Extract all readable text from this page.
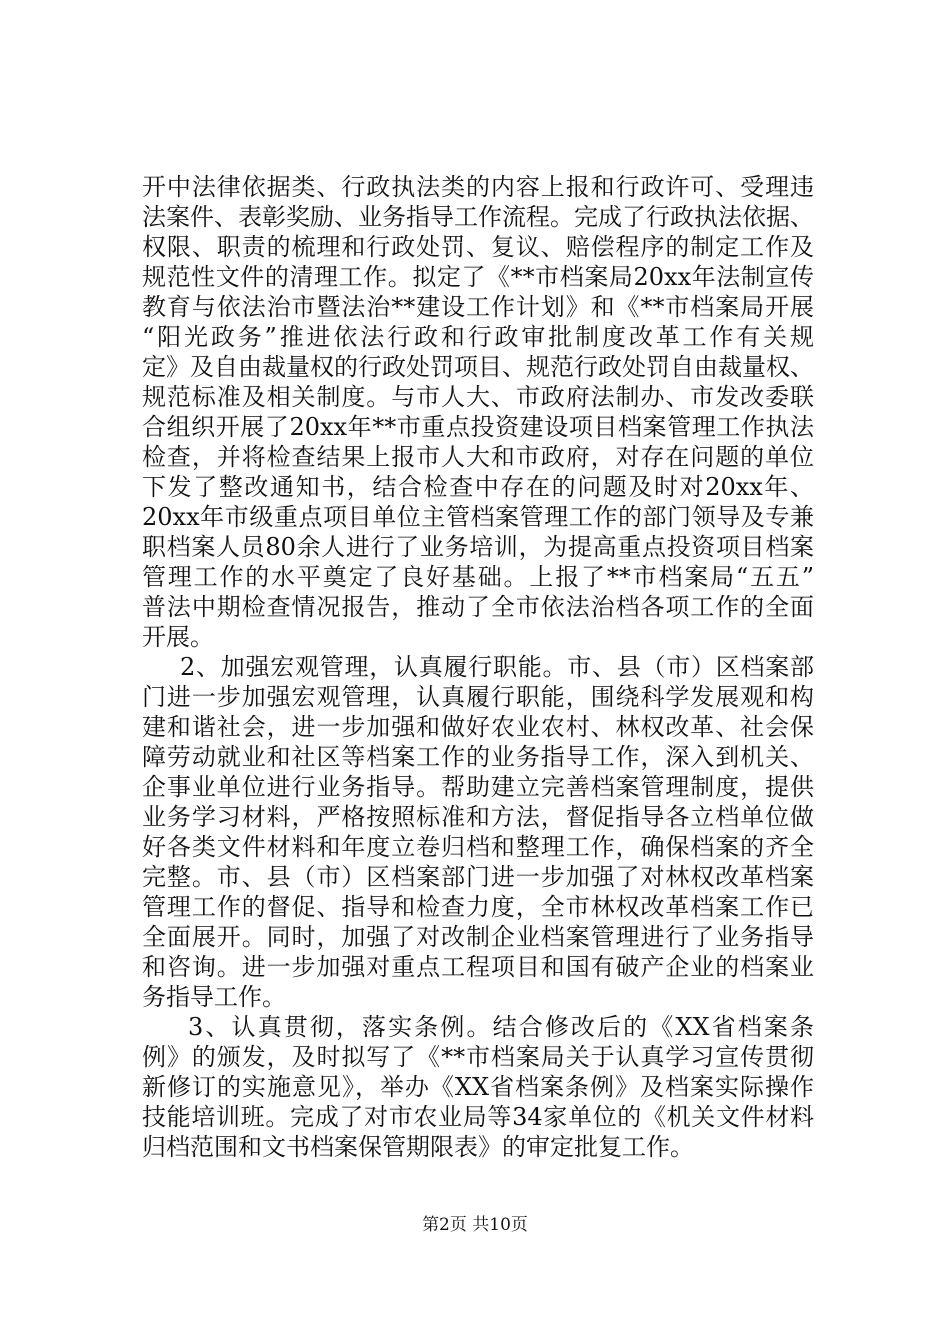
开中法律依据类、行政执法类的内容上报和行政许可、受理违
法案件、表彰奖励、业务指导工作流程。完成了行政执法依据、
权限、职责的梳理和行政处罚、复议、赔偿程序的制定工作及
规范性文件的清理工作。拟定了《**市档案局20xx年法制宣传
教育与依法治市暨法治**建设工作计划》和《**市档案局开展
“阳光政务”推进依法行政和行政审批制度改革工作有关规
定》及自由裁量权的行政处罚项目、规范行政处罚自由裁量权、
规范标准及相关制度。与市人大、市政府法制办、市发改委联
合组织开展了20xx年**市重点投资建设项目档案管理工作执法
检查，并将检查结果上报市人大和市政府，对存在问题的单位
下发了整改通知书，结合检查中存在的问题及时对20xx年、
20xx年市级重点项目单位主管档案管理工作的部门领导及专兼
职档案人员80余人进行了业务培训，为提高重点投资项目档案
管理工作的水平奠定了良好基础。上报了**市档案局“五五”
普法中期检查情况报告，推动了全市依法治档各项工作的全面
开展。
2、加强宏观管理，认真履行职能。市、县（市）区档案部
门进一步加强宏观管理，认真履行职能，围绕科学发展观和构
建和谐社会，进一步加强和做好农业农村、林权改革、社会保
障劳动就业和社区等档案工作的业务指导工作，深入到机关、
企事业单位进行业务指导。帮助建立完善档案管理制度，提供
业务学习材料，严格按照标准和方法，督促指导各立档单位做
好各类文件材料和年度立卷归档和整理工作，确保档案的齐全
完整。市、县（市）区档案部门进一步加强了对林权改革档案
管理工作的督促、指导和检查力度，全市林权改革档案工作已
全面展开。同时，加强了对改制企业档案管理进行了业务指导
和咨询。进一步加强对重点工程项目和国有破产企业的档案业
务指导工作。
3、认真贯彻，落实条例。结合修改后的《XX省档案条
例》的颁发，及时拟写了《**市档案局关于认真学习宣传贯彻
新修订的实施意见》，举办《XX省档案条例》及档案实际操作
技能培训班。完成了对市农业局等34家单位的《机关文件材料
归档范围和文书档案保管期限表》的审定批复工作。
第2页 共10页
